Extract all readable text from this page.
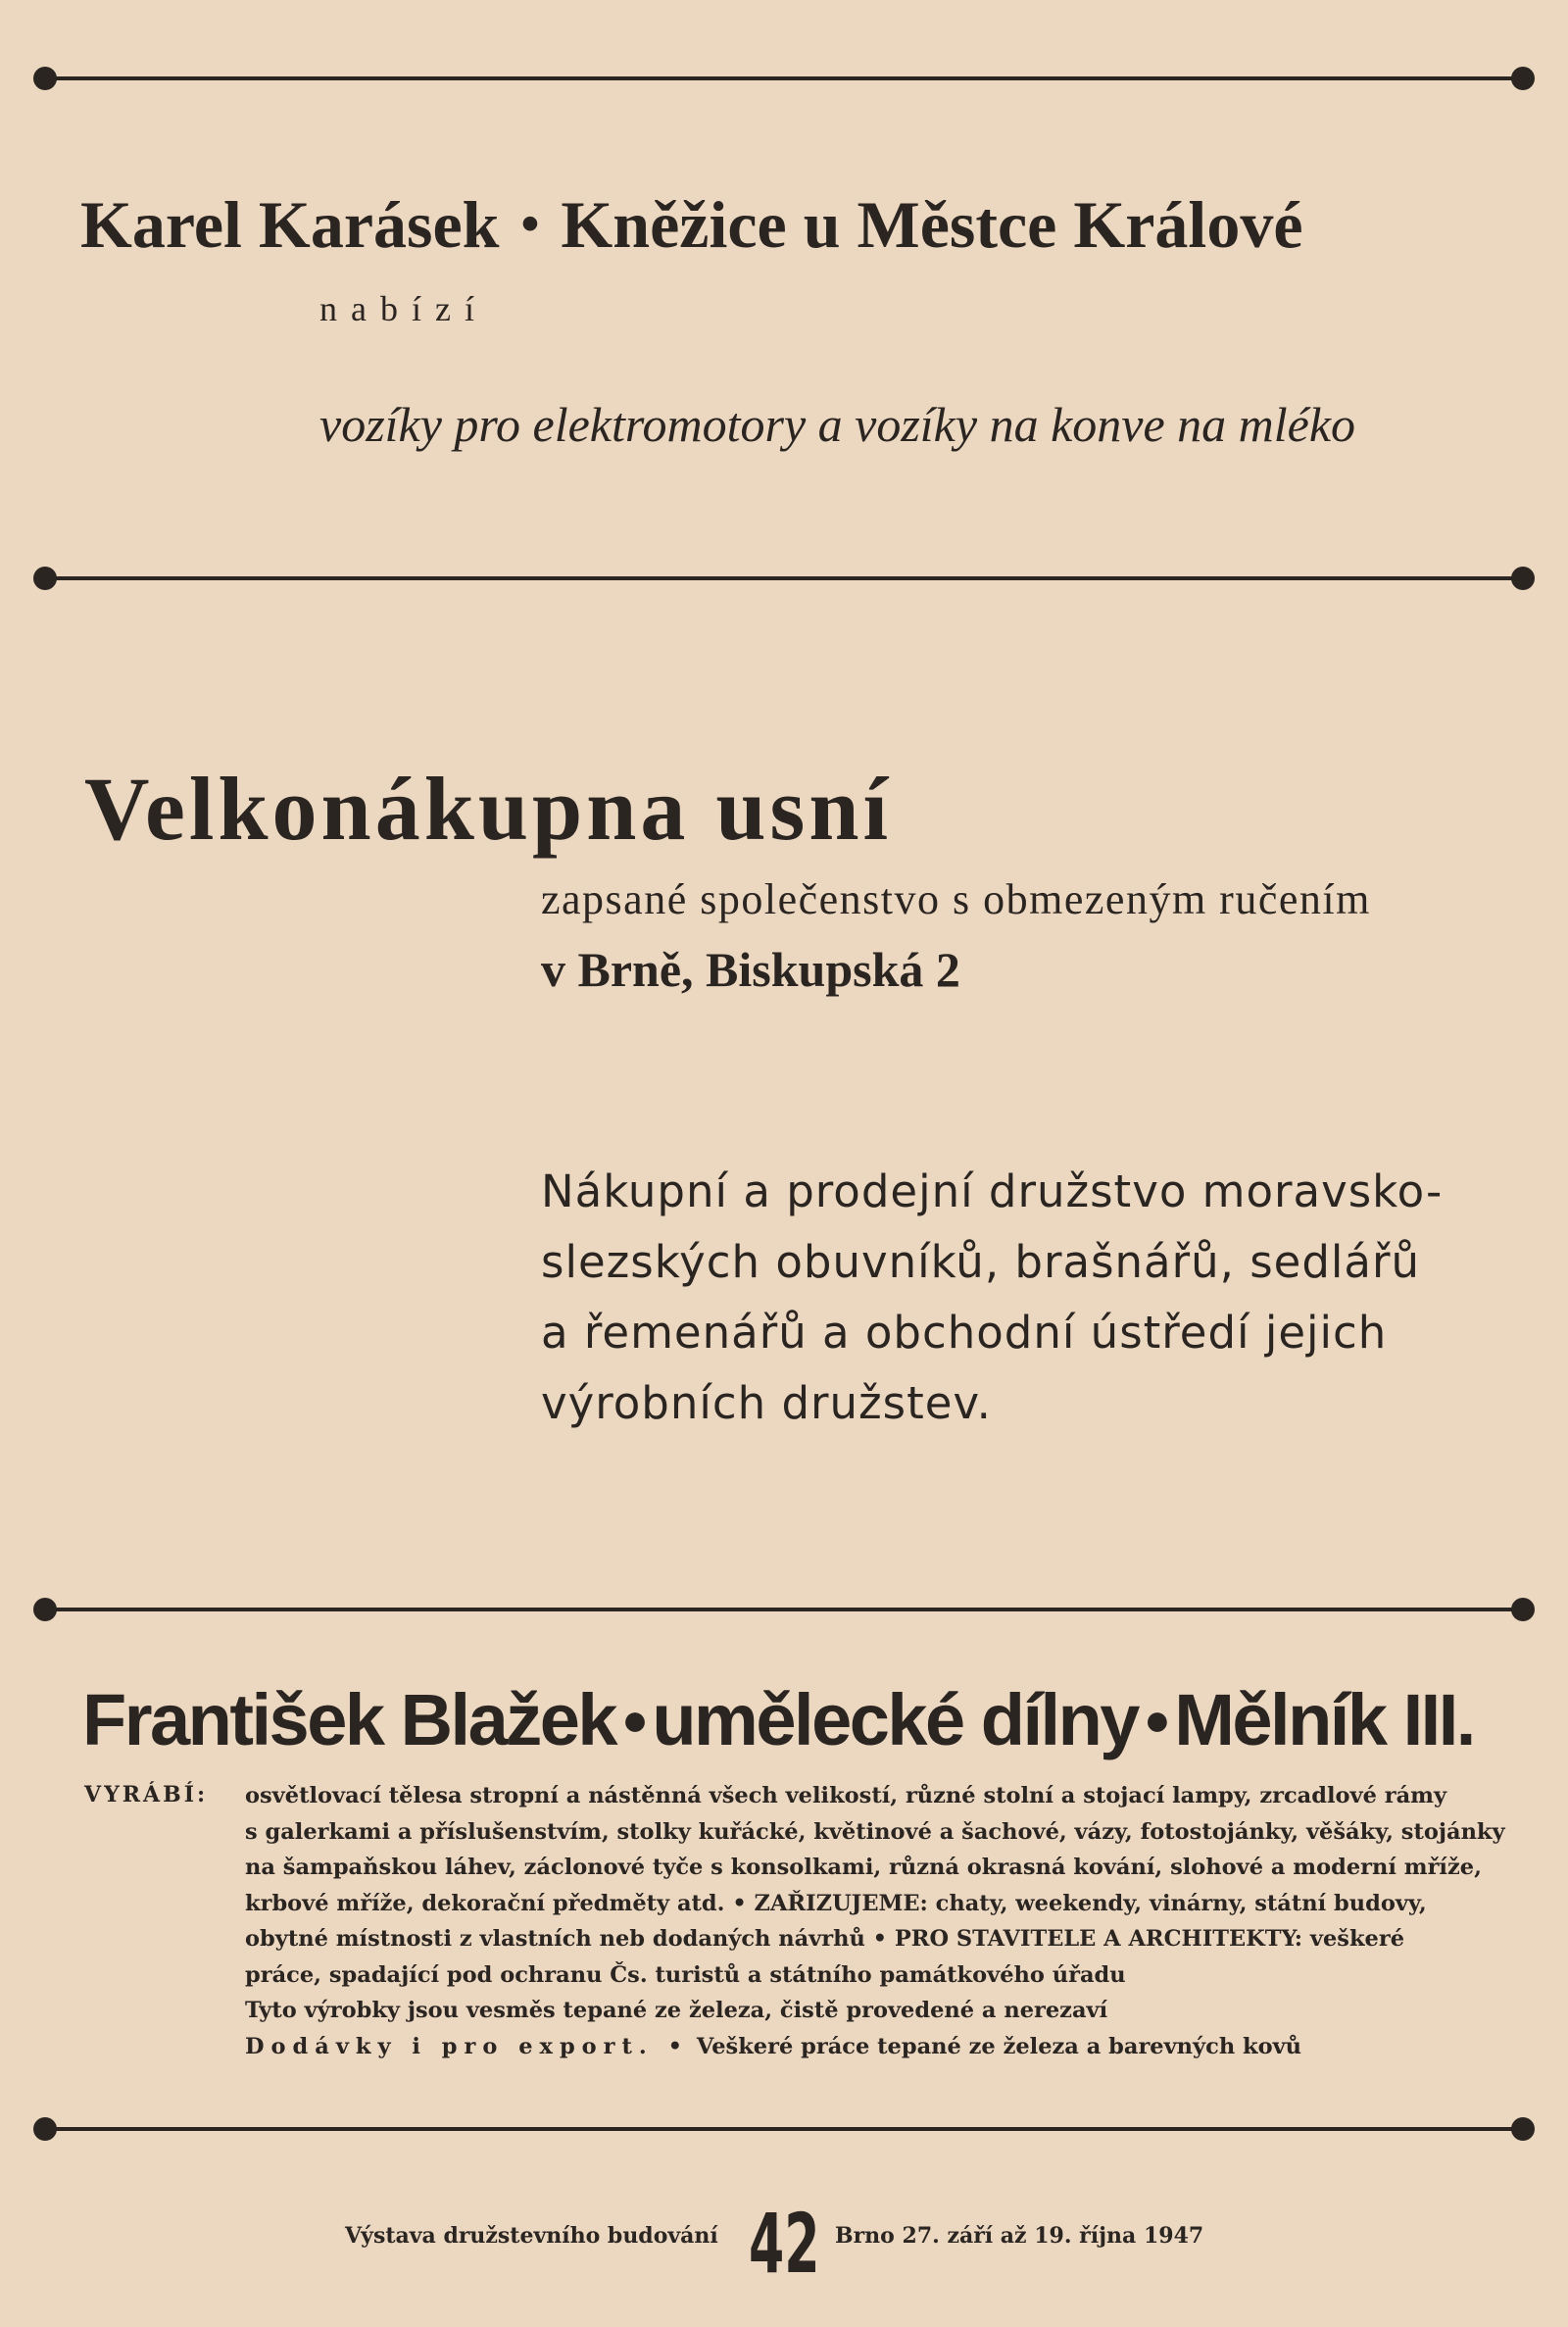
Karel Karásek • Kněžice u Městce Králové
nabízí
vozíky pro elektromotory a vozíky na konve na mléko
Velkonákupna usní
zapsané společenstvo s obmezeným ručením
v Brně, Biskupská 2
Nákupní a prodejní družstvo moravsko-
slezských obuvníků, brašnářů, sedlářů
a řemenářů a obchodní ústředí jejich
výrobních družstev.
František Blažek ●umělecké dílny ●Mělník III.
VYRÁBÍ: osvětlovací tělesa stropní a nástěnná všech velikostí, různé stolní a stojací lampy, zrcadlové rámy
s galerkami a příslušenstvím, stolky kuřácké, květinové a šachové, vázy, fotostojánky, věšáky, stojánky
na šampaňskou láhev, záclonové tyče s konsolkami, různá okrasná kování, slohové a moderní mříže,
krbové mříže, dekorační předměty atd. • ZAŘIZUJEME: chaty, weekendy, vinárny, státní budovy,
obytné místnosti z vlastních neb dodaných návrhů • PRO STAVITELE A ARCHITEKTY: veškeré
práce, spadající pod ochranu Čs. turistů a státního památkového úřadu
Tyto výrobky jsou vesměs tepané ze železa, čistě provedené a nerezaví
Dodávky i pro export. • Veškeré práce tepané ze železa a barevných kovů
Výstava družstevního budování 42 Brno 27. září až 19. října 1947
